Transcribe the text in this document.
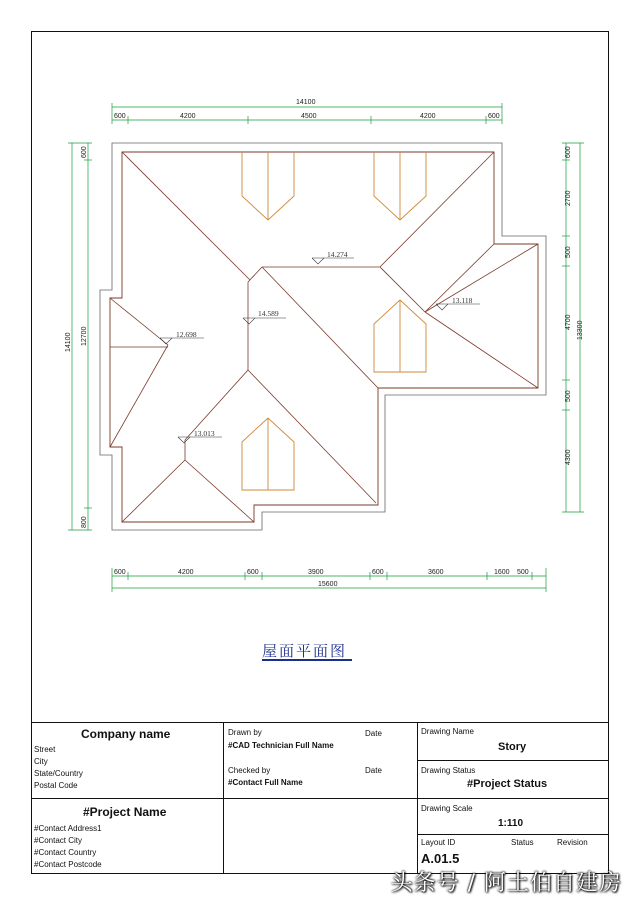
14.274
14.589
12.698
13.118
13.013
14100
600	4200	4500	4200	600
600	4200	600	3900	600	3600	1600 500
15600
14100
600
12700
800
600
2700
500
4700
500
4300
13300
屋面平面图
Company name
Street
City
State/Country
Postal Code
Drawn by	Date
#CAD Technician Full Name
Checked by	Date
#Contact Full Name
Drawing Name
Story
Drawing Status
#Project Status
#Project Name
#Contact Address1
#Contact City
#Contact Country
#Contact Postcode
Drawing Scale
1:110
Layout ID	Status	Revision
A.01.5
头条号 / 阿土伯自建房
